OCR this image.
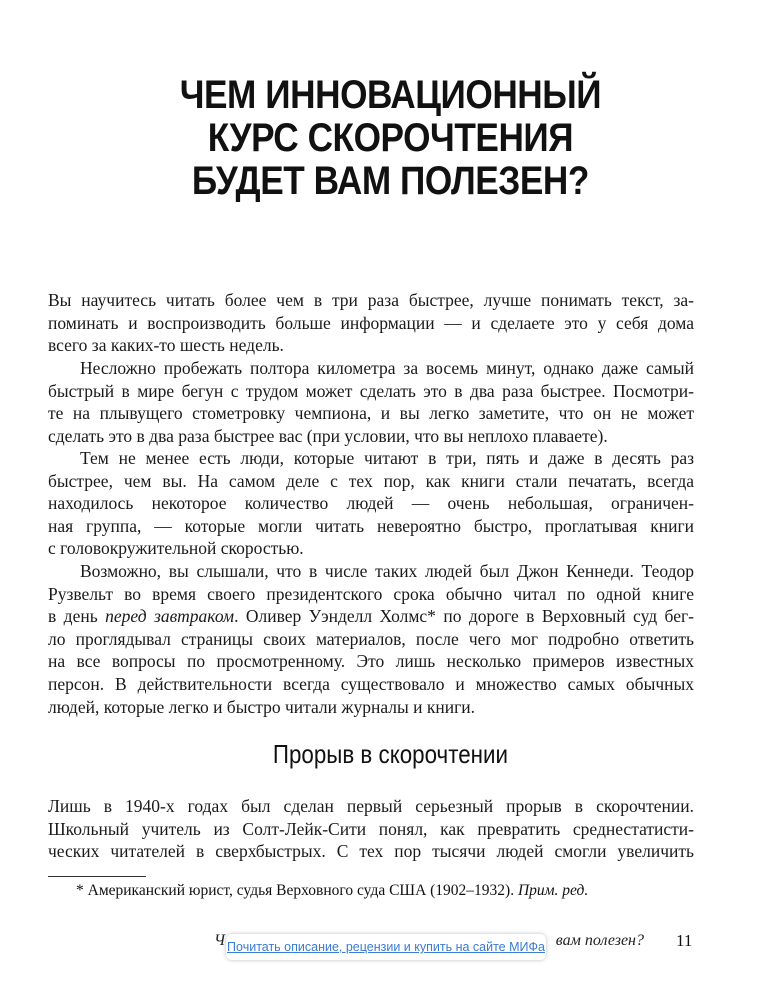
ЧЕМ ИННОВАЦИОННЫЙ
КУРС СКОРОЧТЕНИЯ
БУДЕТ ВАМ ПОЛЕЗЕН?

Вы научитесь читать более чем в три раза быстрее, лучше понимать текст, за-

поминать и воспроизводить больше информации — и сделаете это у себя дома

всего за каких-то шесть недель.

Несложно пробежать полтора километра за восемь минут, однако даже самый

быстрый в мире бегун с трудом может сделать это в два раза быстрее. Посмотри-

те на плывущего стометровку чемпиона, и вы легко заметите, что он не может

сделать это в два раза быстрее вас (при условии, что вы неплохо плаваете).

Тем не менее есть люди, которые читают в три, пять и даже в десять раз

быстрее, чем вы. На самом деле с тех пор, как книги стали печатать, всегда

находилось некоторое количество людей — очень небольшая, ограничен-

ная группа, — которые могли читать невероятно быстро, проглатывая книги

с головокружительной скоростью.

Возможно, вы слышали, что в числе таких людей был Джон Кеннеди. Теодор

Рузвельт во время своего президентского срока обычно читал по одной книге

в день перед завтраком. Оливер Уэнделл Холмс* по дороге в Верховный суд бег-

ло проглядывал страницы своих материалов, после чего мог подробно ответить

на все вопросы по просмотренному. Это лишь несколько примеров известных

персон. В действительности всегда существовало и множество самых обычных

людей, которые легко и быстро читали журналы и книги.

Прорыв в скорочтении

Лишь в 1940-х годах был сделан первый серьезный прорыв в скорочтении.

Школьный учитель из Солт-Лейк-Сити понял, как превратить среднестатисти-

ческих читателей в сверхбыстрых. С тех пор тысячи людей смогли увеличить

* Американский юрист, судья Верховного суда США (1902–1932). Прим. ред.
Ч	вам полезен? 11
Почитать описание, рецензии и купить на сайте МИФа
